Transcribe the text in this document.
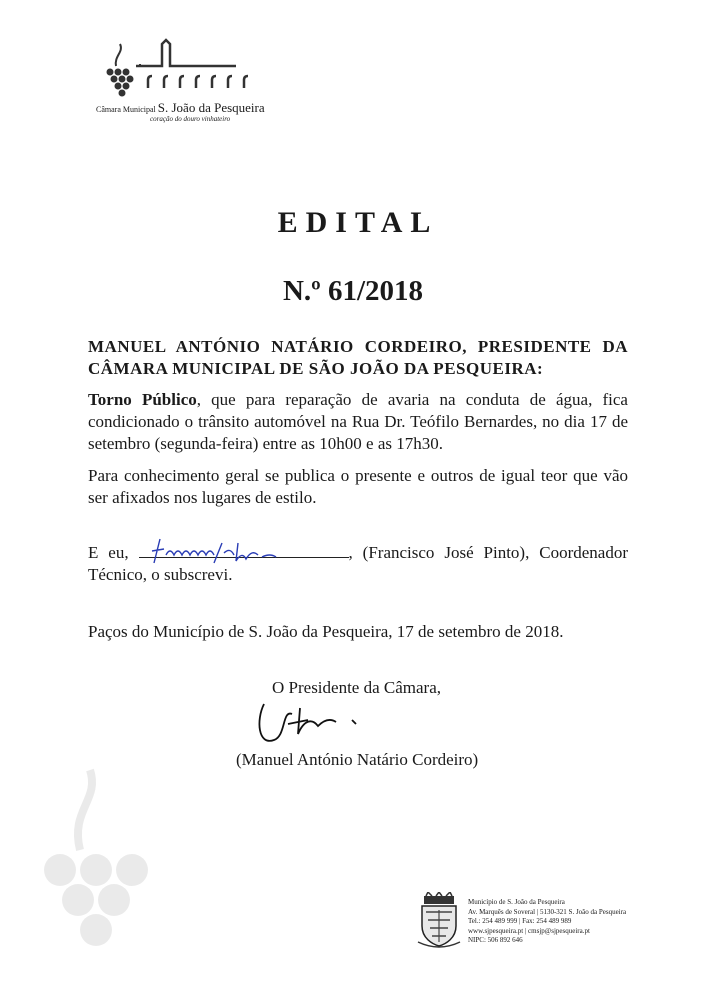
Câmara Municipal S. João da Pesqueira
coração do douro vinhateiro
EDITAL
N.º 61/2018
MANUEL ANTÓNIO NATÁRIO CORDEIRO, PRESIDENTE DA CÂMARA MUNICIPAL DE SÃO JOÃO DA PESQUEIRA:
Torno Público, que para reparação de avaria na conduta de água, fica condicionado o trânsito automóvel na Rua Dr. Teófilo Bernardes, no dia 17 de setembro (segunda-feira) entre as 10h00 e as 17h30.
Para conhecimento geral se publica o presente e outros de igual teor que vão ser afixados nos lugares de estilo.
E eu,	, (Francisco José Pinto), Coordenador Técnico, o subscrevi.
Paços do Município de S. João da Pesqueira, 17 de setembro de 2018.
O Presidente da Câmara,
(Manuel António Natário Cordeiro)
Município de S. João da Pesqueira
Av. Marquês de Soveral | 5130-321 S. João da Pesqueira
Tel.: 254 489 999 | Fax: 254 489 989
www.sjpesqueira.pt | cmsjp@sjpesqueira.pt
NIPC: 506 892 646
